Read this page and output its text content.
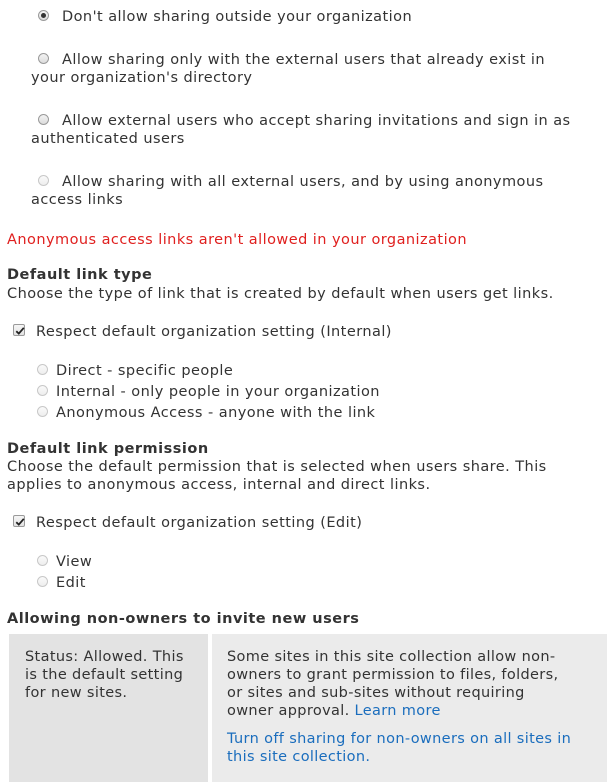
Don't allow sharing outside your organization
Allow sharing only with the external users that already exist in
your organization's directory
Allow external users who accept sharing invitations and sign in as
authenticated users
Allow sharing with all external users, and by using anonymous
access links
Anonymous access links aren't allowed in your organization
Default link type
Choose the type of link that is created by default when users get links.
Respect default organization setting (Internal)
Direct - specific people
Internal - only people in your organization
Anonymous Access - anyone with the link
Default link permission
Choose the default permission that is selected when users share. This
applies to anonymous access, internal and direct links.
Respect default organization setting (Edit)
View
Edit
Allowing non-owners to invite new users
Status: Allowed. This
is the default setting
for new sites.
Some sites in this site collection allow non-
owners to grant permission to files, folders,
or sites and sub-sites without requiring
owner approval. Learn more
Turn off sharing for non-owners on all sites in
this site collection.
